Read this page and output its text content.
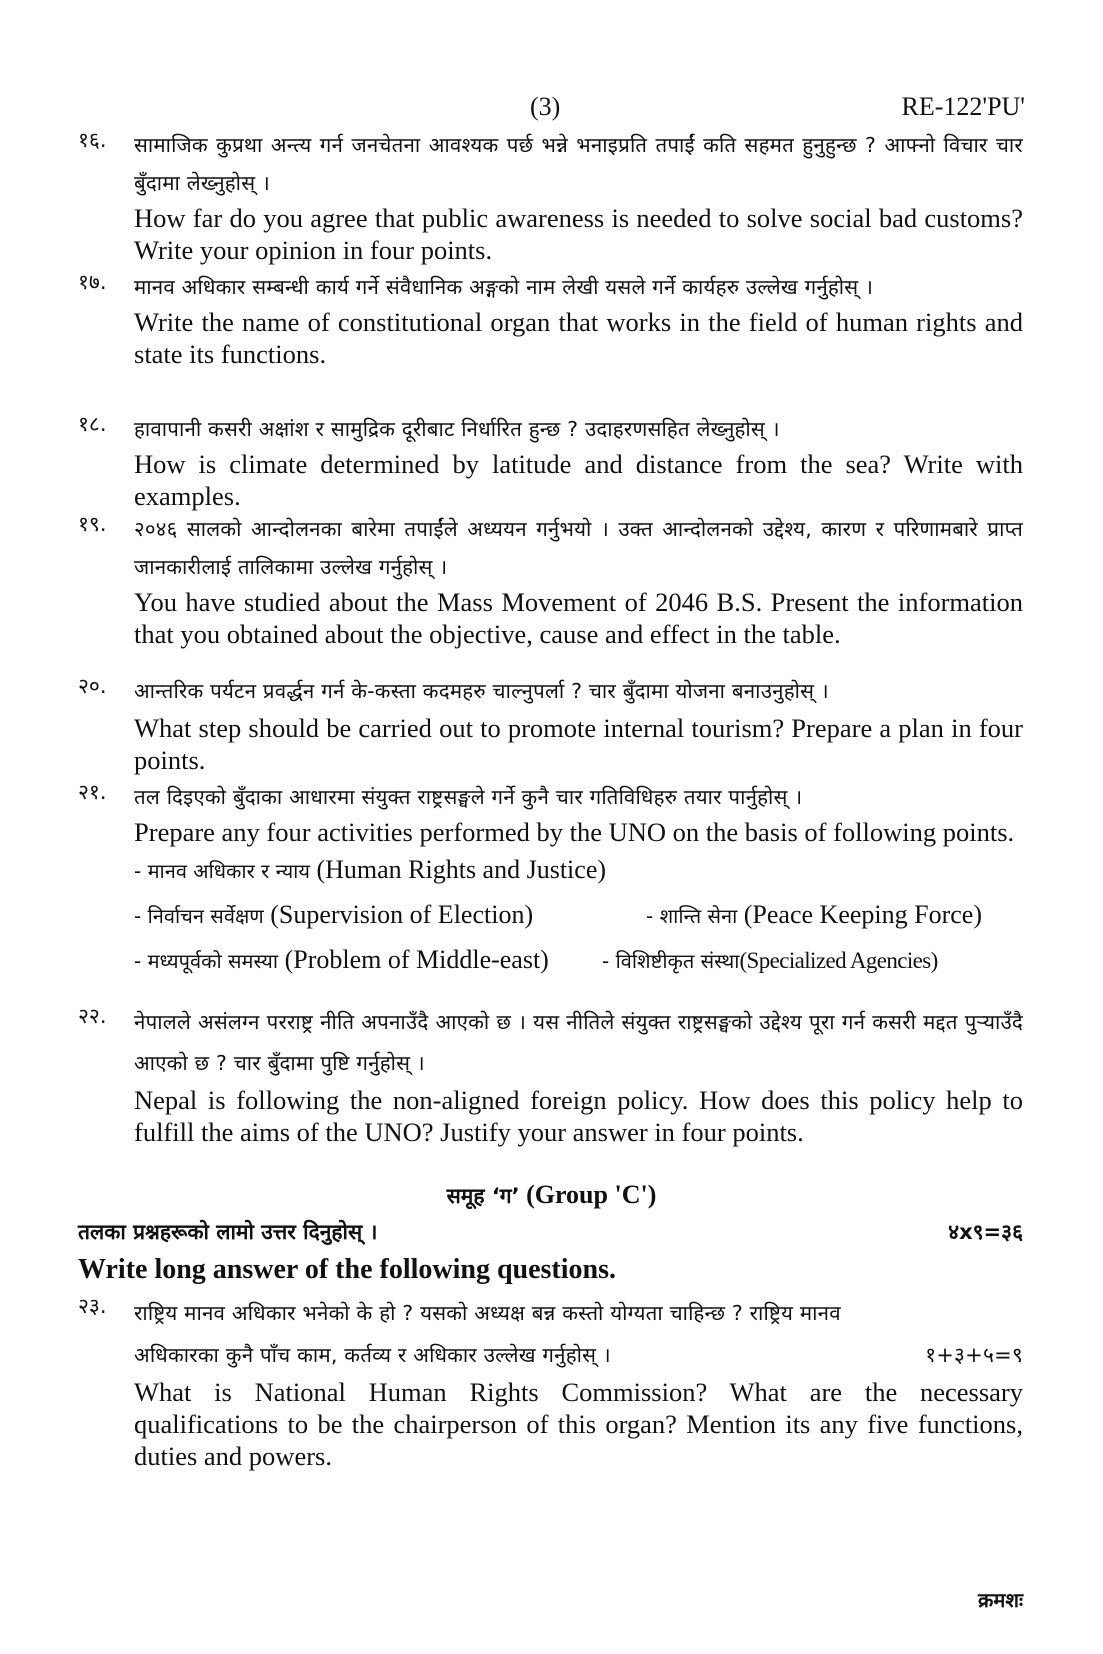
(3)	RE-122'PU'
१६. सामाजिक कुप्रथा अन्त्य गर्न जनचेतना आवश्यक पर्छ भन्ने भनाइप्रति तपाईं कति सहमत हुनुहुन्छ ? आफ्नो विचार चार बुँदामा लेख्नुहोस् ।
How far do you agree that public awareness is needed to solve social bad customs? Write your opinion in four points.
१७. मानव अधिकार सम्बन्धी कार्य गर्ने संवैधानिक अङ्गको नाम लेखी यसले गर्ने कार्यहरु उल्लेख गर्नुहोस् ।
Write the name of constitutional organ that works in the field of human rights and state its functions.
१८. हावापानी कसरी अक्षांश र सामुद्रिक दूरीबाट निर्धारित हुन्छ ? उदाहरणसहित लेख्नुहोस् ।
How is climate determined by latitude and distance from the sea? Write with examples.
१९. २०४६ सालको आन्दोलनका बारेमा तपाईंले अध्ययन गर्नुभयो । उक्त आन्दोलनको उद्देश्य, कारण र परिणामबारे प्राप्त जानकारीलाई तालिकामा उल्लेख गर्नुहोस् ।
You have studied about the Mass Movement of 2046 B.S. Present the information that you obtained about the objective, cause and effect in the table.
२०. आन्तरिक पर्यटन प्रवर्द्धन गर्न के-कस्ता कदमहरु चाल्नुपर्ला ? चार बुँदामा योजना बनाउनुहोस् ।
What step should be carried out to promote internal tourism? Prepare a plan in four points.
२१. तल दिइएको बुँदाका आधारमा संयुक्त राष्ट्रसङ्घले गर्ने कुनै चार गतिविधिहरु तयार पार्नुहोस् ।
Prepare any four activities performed by the UNO on the basis of following points.
- मानव अधिकार र न्याय (Human Rights and Justice)
- निर्वाचन सर्वेक्षण (Supervision of Election)	- शान्ति सेना (Peace Keeping Force)
- मध्यपूर्वको समस्या (Problem of Middle-east)	- विशिष्टीकृत संस्था(Specialized Agencies)
२२. नेपालले असंलग्न परराष्ट्र नीति अपनाउँदै आएको छ । यस नीतिले संयुक्त राष्ट्रसङ्घको उद्देश्य पूरा गर्न कसरी मद्दत पुऱ्याउँदै आएको छ ? चार बुँदामा पुष्टि गर्नुहोस् ।
Nepal is following the non-aligned foreign policy. How does this policy help to fulfill the aims of the UNO? Justify your answer in four points.
समूह ‘ग’ (Group 'C')
तलका प्रश्नहरूको लामो उत्तर दिनुहोस् ।	४x९=३६
Write long answer of the following questions.
२३. राष्ट्रिय मानव अधिकार भनेको के हो ? यसको अध्यक्ष बन्न कस्तो योग्यता चाहिन्छ ? राष्ट्रिय मानव
अधिकारका कुनै पाँच काम, कर्तव्य र अधिकार उल्लेख गर्नुहोस् ।	१+३+५=९
What is National Human Rights Commission? What are the necessary qualifications to be the chairperson of this organ? Mention its any five functions, duties and powers.
क्रमशः
